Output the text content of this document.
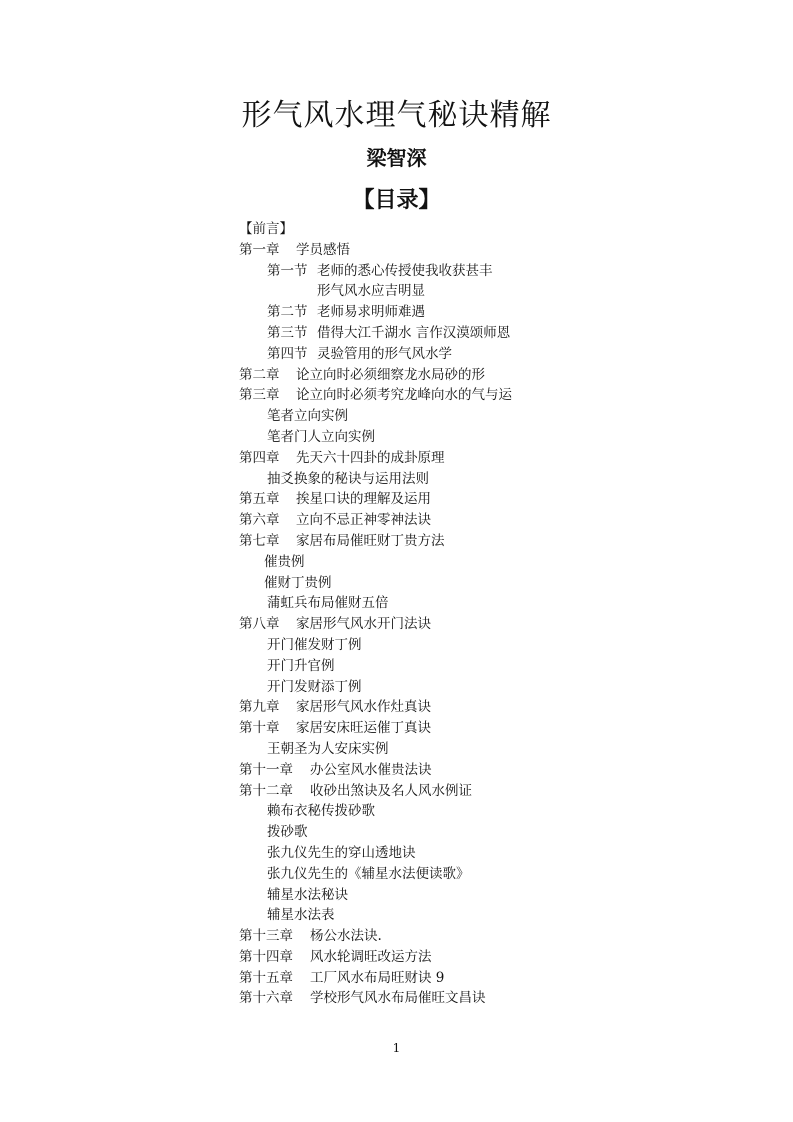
形气风水理气秘诀精解
梁智深
【目录】
【前言】
第一章 学员感悟
第一节 老师的悉心传授使我收获甚丰
形气风水应吉明显
第二节 老师易求明师难遇
第三节 借得大江千湖水 言作汉漠颂师恩
第四节 灵验管用的形气风水学
第二章 论立向时必须细察龙水局砂的形
第三章 论立向时必须考究龙峰向水的气与运
笔者立向实例
笔者门人立向实例
第四章 先天六十四卦的成卦原理
抽爻换象的秘诀与运用法则
第五章 挨星口诀的理解及运用
第六章 立向不忌正神零神法诀
第七章 家居布局催旺财丁贵方法
催贵例
催财丁贵例
蒲虹兵布局催财五倍
第八章 家居形气风水开门法诀
开门催发财丁例
开门升官例
开门发财添丁例
第九章 家居形气风水作灶真诀
第十章 家居安床旺运催丁真诀
王朝圣为人安床实例
第十一章 办公室风水催贵法诀
第十二章 收砂出煞诀及名人风水例证
赖布衣秘传拨砂歌
拨砂歌
张九仪先生的穿山透地诀
张九仪先生的《辅星水法便读歌》
辅星水法秘诀
辅星水法表
第十三章 杨公水法诀.
第十四章 风水轮调旺改运方法
第十五章 工厂风水布局旺财诀 9
第十六章 学校形气风水布局催旺文昌诀
1
